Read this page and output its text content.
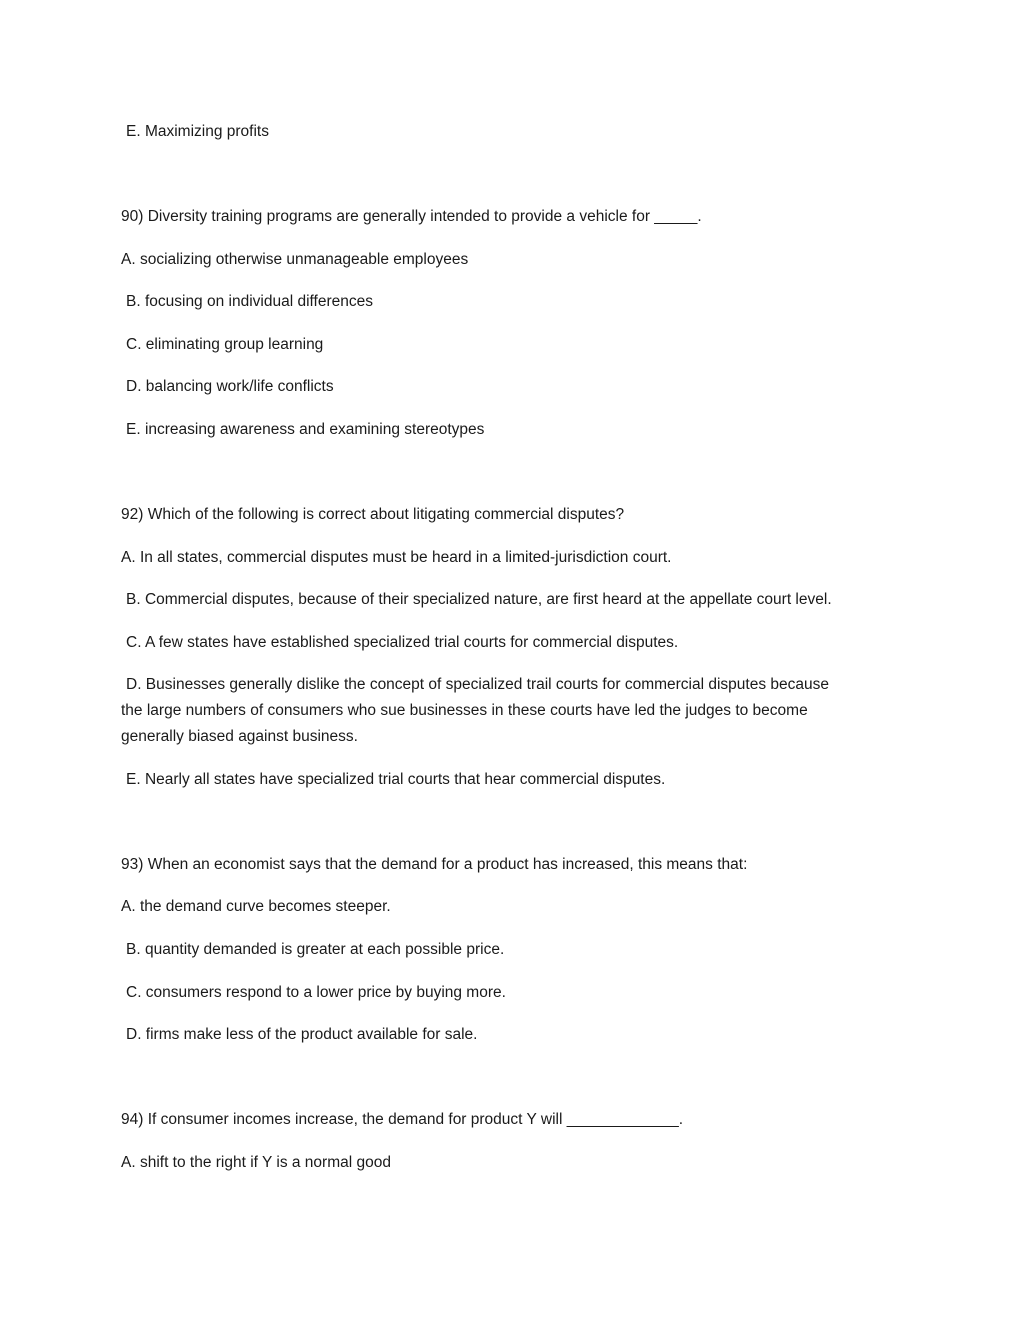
E. Maximizing profits
90) Diversity training programs are generally intended to provide a vehicle for _____.
A. socializing otherwise unmanageable employees
B. focusing on individual differences
C. eliminating group learning
D. balancing work/life conflicts
E. increasing awareness and examining stereotypes
92) Which of the following is correct about litigating commercial disputes?
A. In all states, commercial disputes must be heard in a limited-jurisdiction court.
B. Commercial disputes, because of their specialized nature, are first heard at the appellate court level.
C. A few states have established specialized trial courts for commercial disputes.
D. Businesses generally dislike the concept of specialized trail courts for commercial disputes because
the large numbers of consumers who sue businesses in these courts have led the judges to become
generally biased against business.
E. Nearly all states have specialized trial courts that hear commercial disputes.
93) When an economist says that the demand for a product has increased, this means that:
A. the demand curve becomes steeper.
B. quantity demanded is greater at each possible price.
C. consumers respond to a lower price by buying more.
D. firms make less of the product available for sale.
94) If consumer incomes increase, the demand for product Y will _____________.
A. shift to the right if Y is a normal good
